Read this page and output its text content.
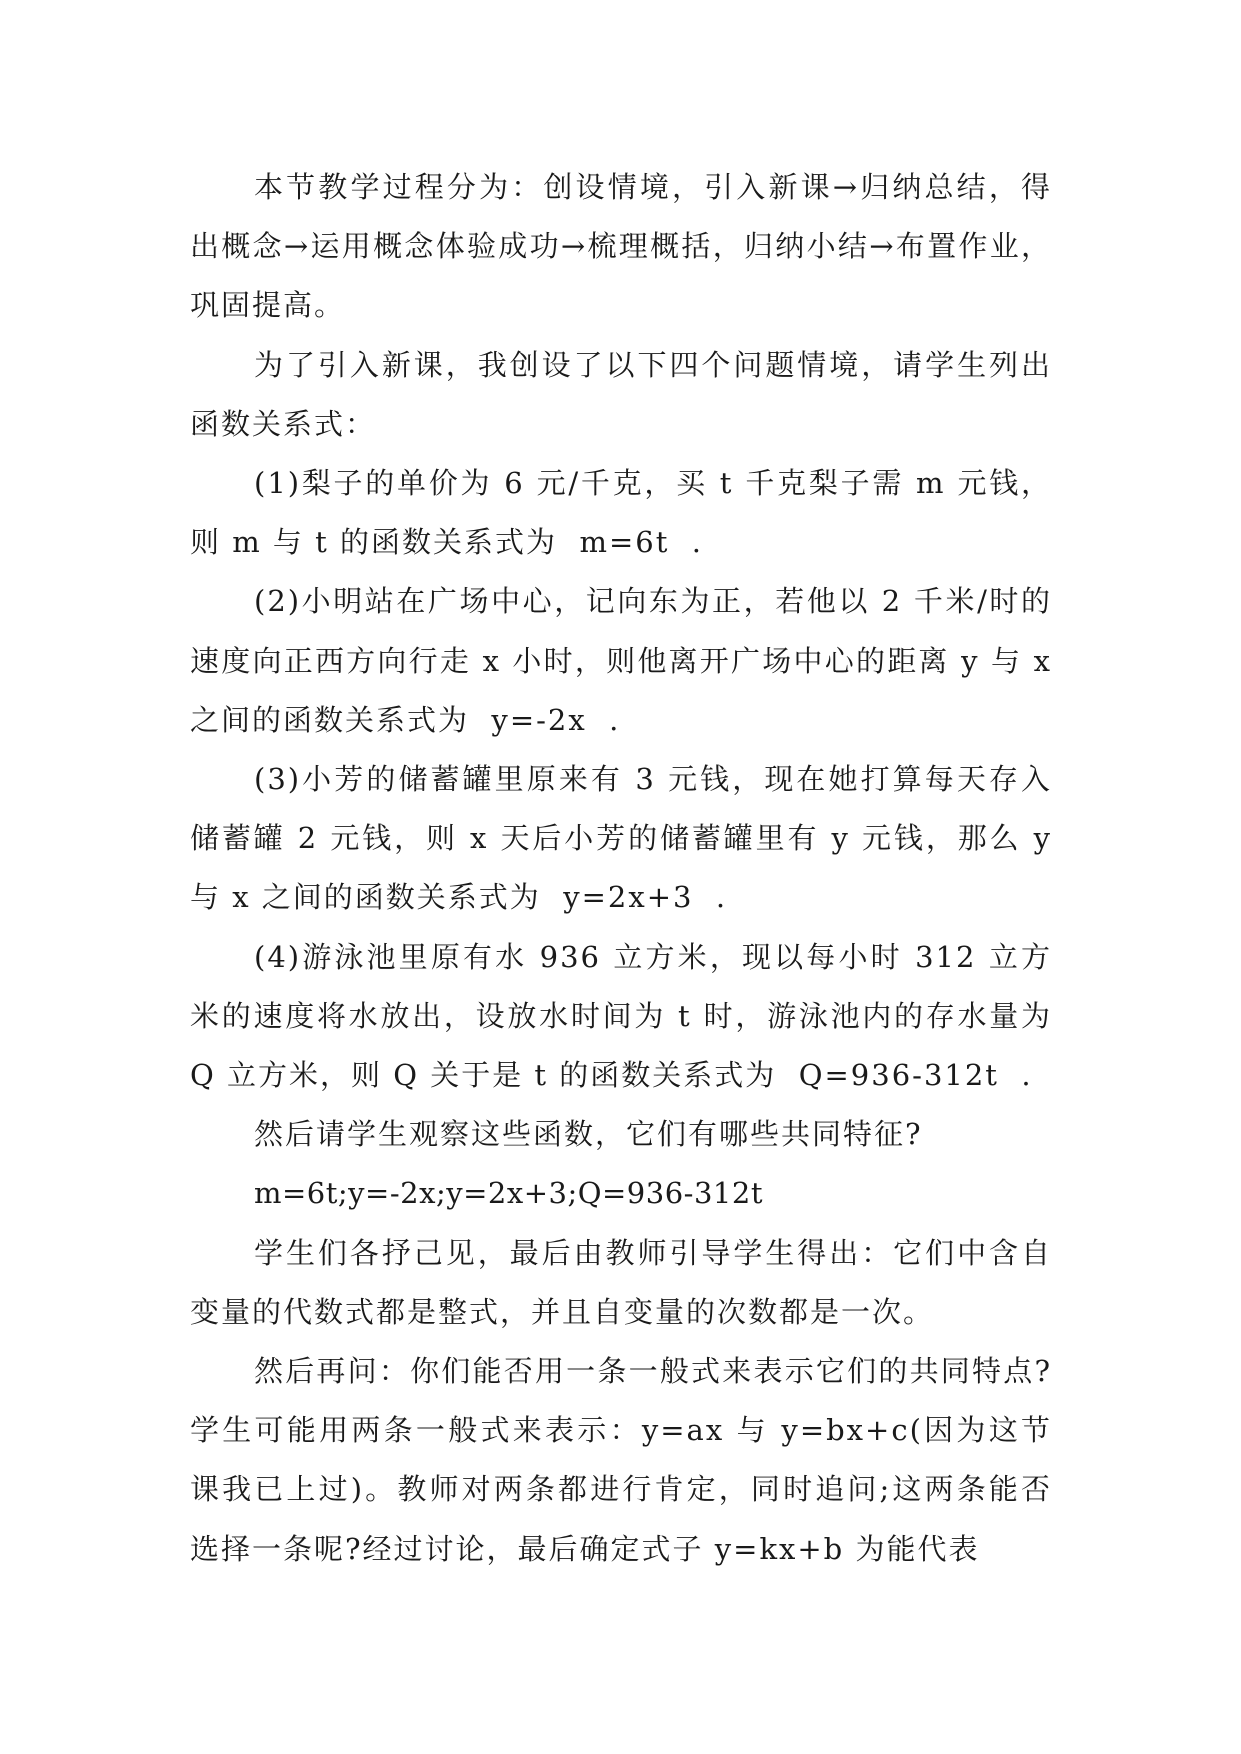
本节教学过程分为：创设情境，引入新课→归纳总结，得出概念→运用概念体验成功→梳理概括，归纳小结→布置作业，巩固提高。

为了引入新课，我创设了以下四个问题情境，请学生列出函数关系式：

(1)梨子的单价为 6 元/千克，买 t 千克梨子需 m 元钱，则 m 与 t 的函数关系式为  m=6t  .

(2)小明站在广场中心，记向东为正，若他以 2 千米/时的速度向正西方向行走 x 小时，则他离开广场中心的距离 y 与 x 之间的函数关系式为  y=-2x  .

(3)小芳的储蓄罐里原来有 3 元钱，现在她打算每天存入储蓄罐 2 元钱，则 x 天后小芳的储蓄罐里有 y 元钱，那么 y 与 x 之间的函数关系式为  y=2x+3  .

(4)游泳池里原有水 936 立方米，现以每小时 312 立方米的速度将水放出，设放水时间为 t 时，游泳池内的存水量为 Q 立方米，则 Q 关于是 t 的函数关系式为  Q=936-312t  .

然后请学生观察这些函数，它们有哪些共同特征?

m=6t;y=-2x;y=2x+3;Q=936-312t

学生们各抒己见，最后由教师引导学生得出：它们中含自变量的代数式都是整式，并且自变量的次数都是一次。

然后再问：你们能否用一条一般式来表示它们的共同特点?学生可能用两条一般式来表示：y=ax 与 y=bx+c(因为这节课我已上过)。教师对两条都进行肯定，同时追问;这两条能否选择一条呢?经过讨论，最后确定式子 y=kx+b 为能代表
